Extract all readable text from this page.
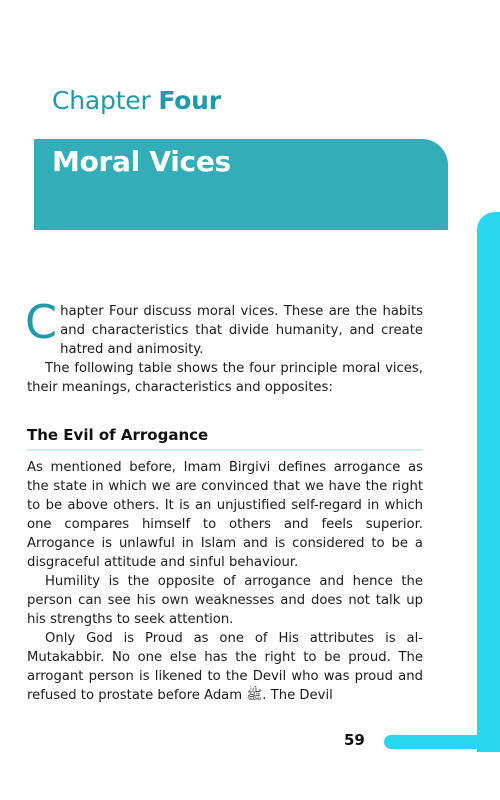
Chapter Four
Moral Vices
C hapter Four discuss moral vices. These are the habits and characteristics that divide humanity, and create hatred and animosity.
The following table shows the four principle moral vices, their meanings, characteristics and opposites:
The Evil of Arrogance
As mentioned before, Imam Birgivi defines arrogance as the state in which we are convinced that we have the right to be above others. It is an unjustified self-regard in which one compares himself to others and feels superior. Arrogance is unlawful in Islam and is considered to be a disgraceful attitude and sinful behaviour.
Humility is the opposite of arrogance and hence the person can see his own weaknesses and does not talk up his strengths to seek attention.
Only God is Proud as one of His attributes is al-Mutakabbir. No one else has the right to be proud. The arrogant person is likened to the Devil who was proud and refused to prostate before Adam ﷺ. The Devil
59
